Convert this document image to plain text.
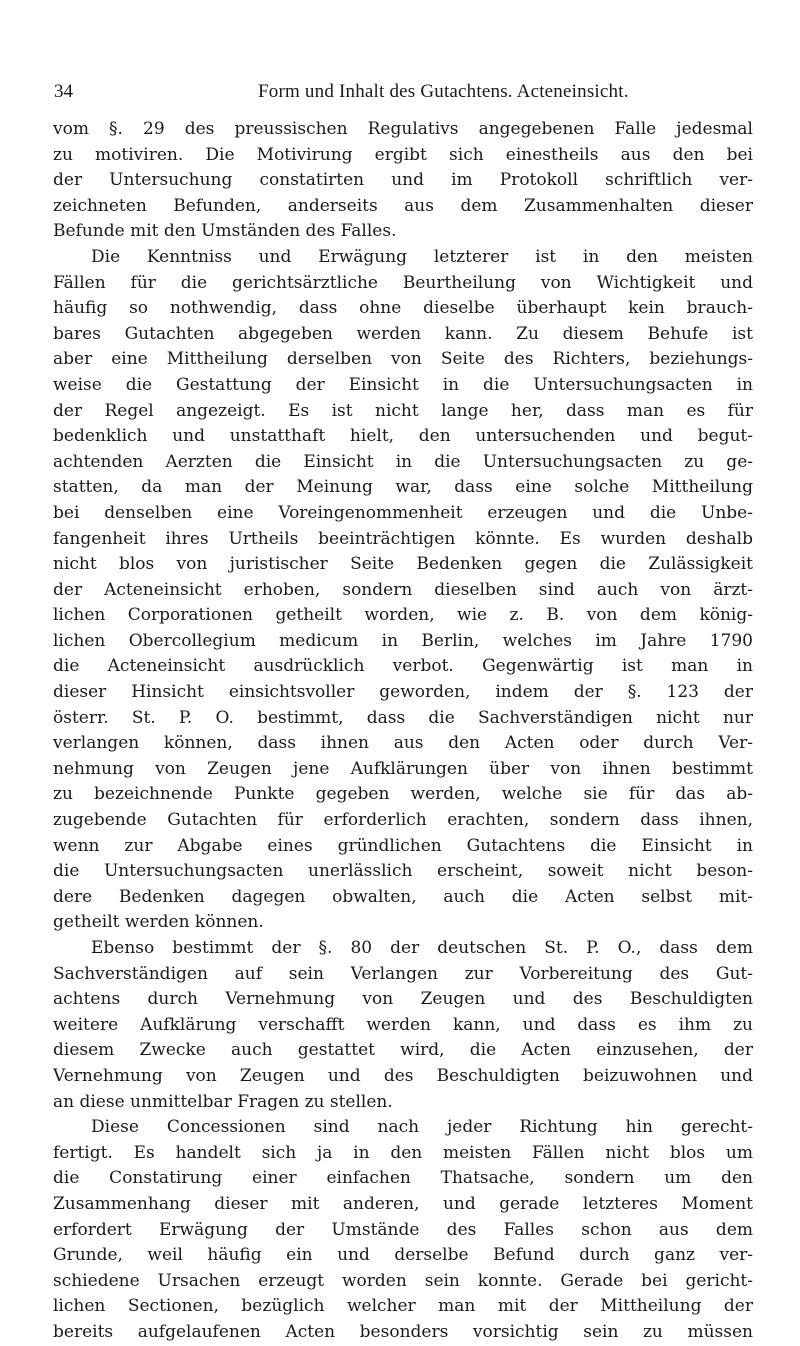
34	Form und Inhalt des Gutachtens. Acteneinsicht.
vom §. 29 des preussischen Regulativs angegebenen Falle jedesmal
zu motiviren. Die Motivirung ergibt sich einestheils aus den bei
der Untersuchung constatirten und im Protokoll schriftlich ver-
zeichneten Befunden, anderseits aus dem Zusammenhalten dieser
Befunde mit den Umständen des Falles.
Die Kenntniss und Erwägung letzterer ist in den meisten
Fällen für die gerichtsärztliche Beurtheilung von Wichtigkeit und
häufig so nothwendig, dass ohne dieselbe überhaupt kein brauch-
bares Gutachten abgegeben werden kann. Zu diesem Behufe ist
aber eine Mittheilung derselben von Seite des Richters, beziehungs-
weise die Gestattung der Einsicht in die Untersuchungsacten in
der Regel angezeigt. Es ist nicht lange her, dass man es für
bedenklich und unstatthaft hielt, den untersuchenden und begut-
achtenden Aerzten die Einsicht in die Untersuchungsacten zu ge-
statten, da man der Meinung war, dass eine solche Mittheilung
bei denselben eine Voreingenommenheit erzeugen und die Unbe-
fangenheit ihres Urtheils beeinträchtigen könnte. Es wurden deshalb
nicht blos von juristischer Seite Bedenken gegen die Zulässigkeit
der Acteneinsicht erhoben, sondern dieselben sind auch von ärzt-
lichen Corporationen getheilt worden, wie z. B. von dem könig-
lichen Obercollegium medicum in Berlin, welches im Jahre 1790
die Acteneinsicht ausdrücklich verbot. Gegenwärtig ist man in
dieser Hinsicht einsichtsvoller geworden, indem der §. 123 der
österr. St. P. O. bestimmt, dass die Sachverständigen nicht nur
verlangen können, dass ihnen aus den Acten oder durch Ver-
nehmung von Zeugen jene Aufklärungen über von ihnen bestimmt
zu bezeichnende Punkte gegeben werden, welche sie für das ab-
zugebende Gutachten für erforderlich erachten, sondern dass ihnen,
wenn zur Abgabe eines gründlichen Gutachtens die Einsicht in
die Untersuchungsacten unerlässlich erscheint, soweit nicht beson-
dere Bedenken dagegen obwalten, auch die Acten selbst mit-
getheilt werden können.
Ebenso bestimmt der §. 80 der deutschen St. P. O., dass dem
Sachverständigen auf sein Verlangen zur Vorbereitung des Gut-
achtens durch Vernehmung von Zeugen und des Beschuldigten
weitere Aufklärung verschafft werden kann, und dass es ihm zu
diesem Zwecke auch gestattet wird, die Acten einzusehen, der
Vernehmung von Zeugen und des Beschuldigten beizuwohnen und
an diese unmittelbar Fragen zu stellen.
Diese Concessionen sind nach jeder Richtung hin gerecht-
fertigt. Es handelt sich ja in den meisten Fällen nicht blos um
die Constatirung einer einfachen Thatsache, sondern um den
Zusammenhang dieser mit anderen, und gerade letzteres Moment
erfordert Erwägung der Umstände des Falles schon aus dem
Grunde, weil häufig ein und derselbe Befund durch ganz ver-
schiedene Ursachen erzeugt worden sein konnte. Gerade bei gericht-
lichen Sectionen, bezüglich welcher man mit der Mittheilung der
bereits aufgelaufenen Acten besonders vorsichtig sein zu müssen
